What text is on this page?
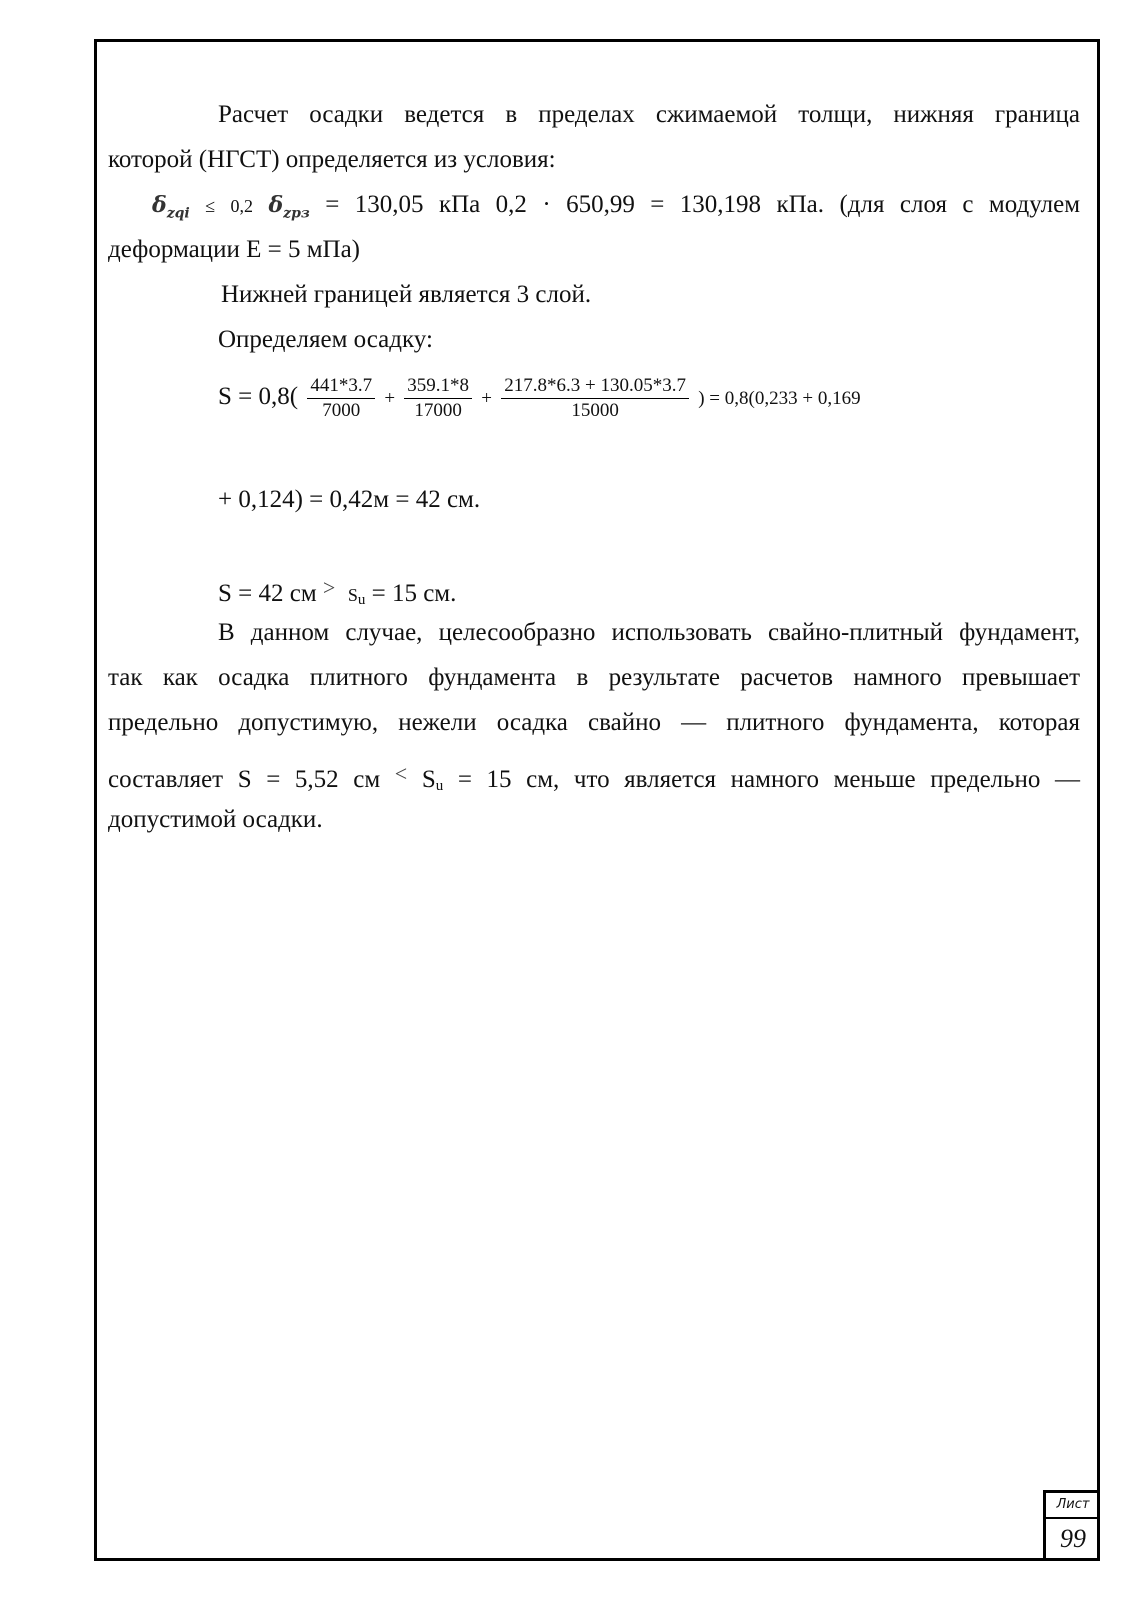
Расчет осадки ведется в пределах сжимаемой толщи, нижняя граница
которой (НГСТ) определяется из условия:
$\delta_{zqi} \le 0,2$ $\delta_{zpз} = 130,05$ кПа 0,2 · 650,99 = 130,198 кПа. (для слоя с модулем
деформации Е = 5 мПа)
Нижней границей является 3 слой.
Определяем осадку:
$S = 0,8( \frac{441*3.7}{7000} + \frac{359.1*8}{17000} + \frac{217.8*6.3 + 130.05*3.7}{15000}$ ) = 0,8(0,233 + 0,169
+ 0,124) = 0,42м = 42 см.
S = 42 см > $S_u = 15$ см.
В данном случае, целесообразно использовать свайно-плитный фундамент,
так как осадка плитного фундамента в результате расчетов намного превышает
предельно допустимую, нежели осадка свайно — плитного фундамента, которая
составляет S = 5,52 см < $S_u = 15$ см, что является намного меньше предельно —
допустимой осадки.
Лист
99
